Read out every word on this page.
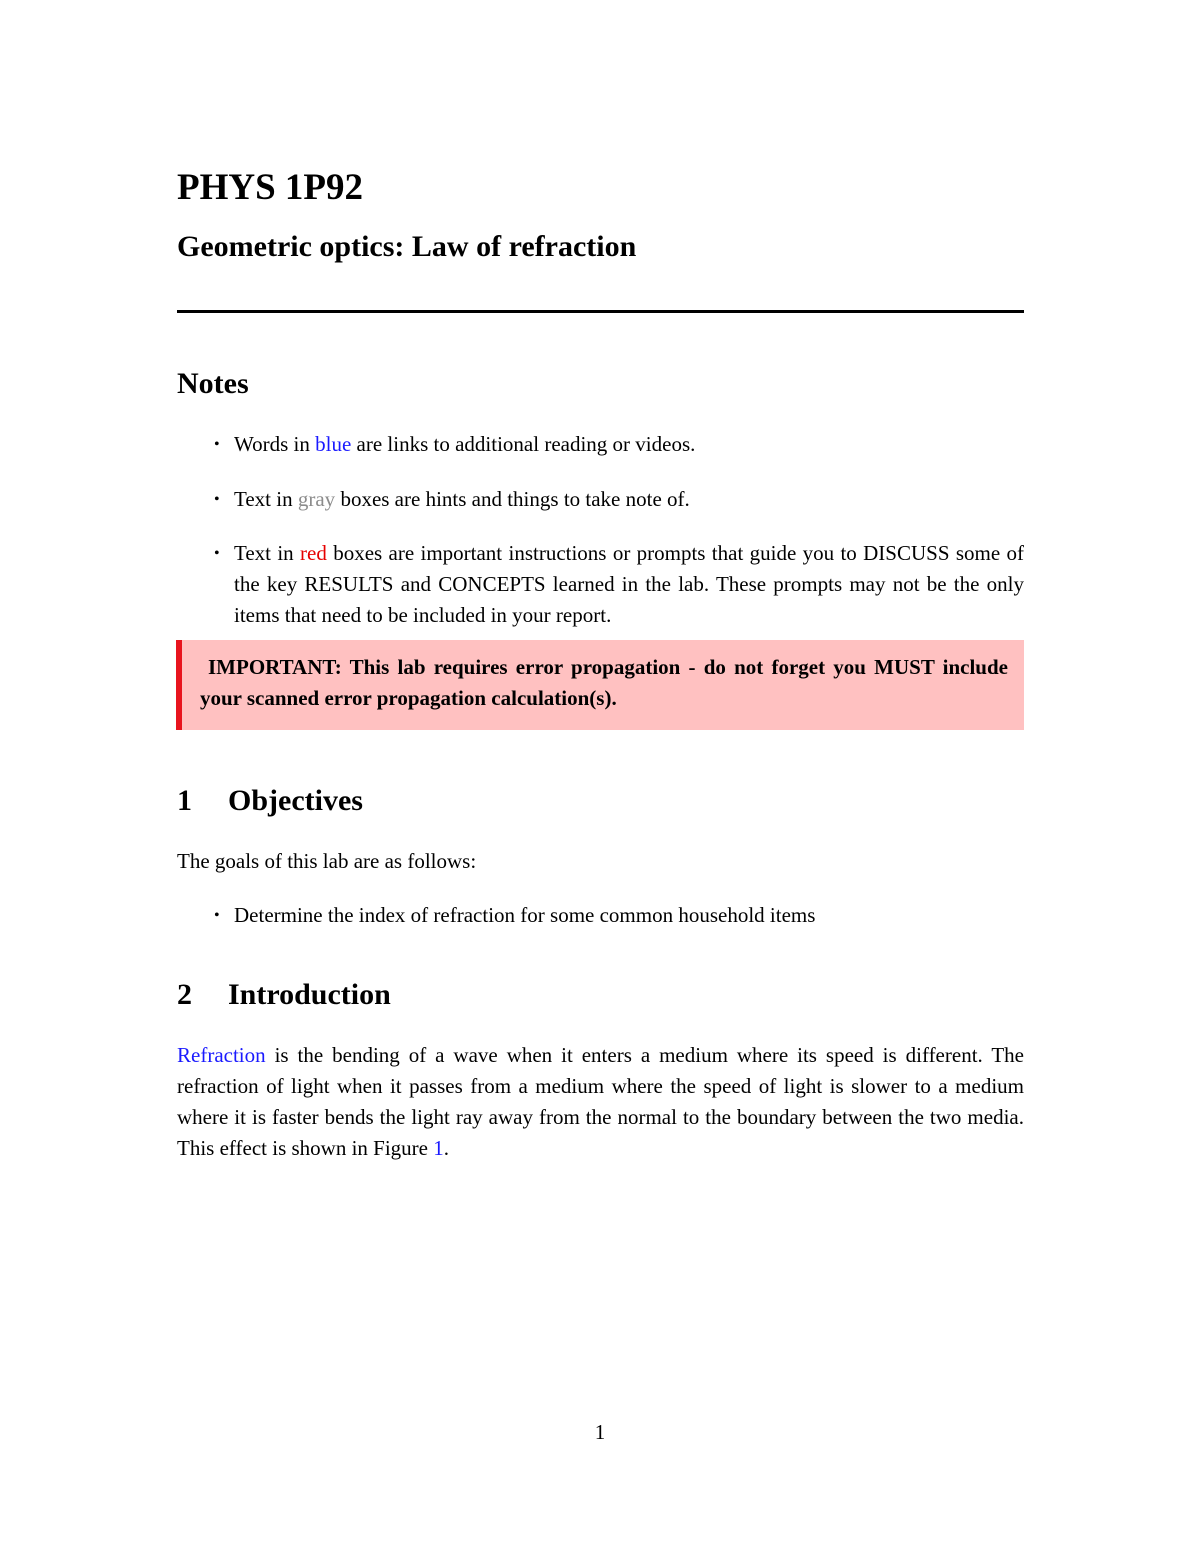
PHYS 1P92
Geometric optics: Law of refraction
Notes
• Words in blue are links to additional reading or videos.
• Text in gray boxes are hints and things to take note of.
• Text in red boxes are important instructions or prompts that guide you to DISCUSS some of the key RESULTS and CONCEPTS learned in the lab. These prompts may not be the only items that need to be included in your report.
IMPORTANT: This lab requires error propagation - do not forget you MUST include your scanned error propagation calculation(s).
1 Objectives

The goals of this lab are as follows:

• Determine the index of refraction for some common household items
2 Introduction

Refraction is the bending of a wave when it enters a medium where its speed is different. The refraction of light when it passes from a medium where the speed of light is slower to a medium where it is faster bends the light ray away from the normal to the boundary between the two media. This effect is shown in Figure 1.

1
